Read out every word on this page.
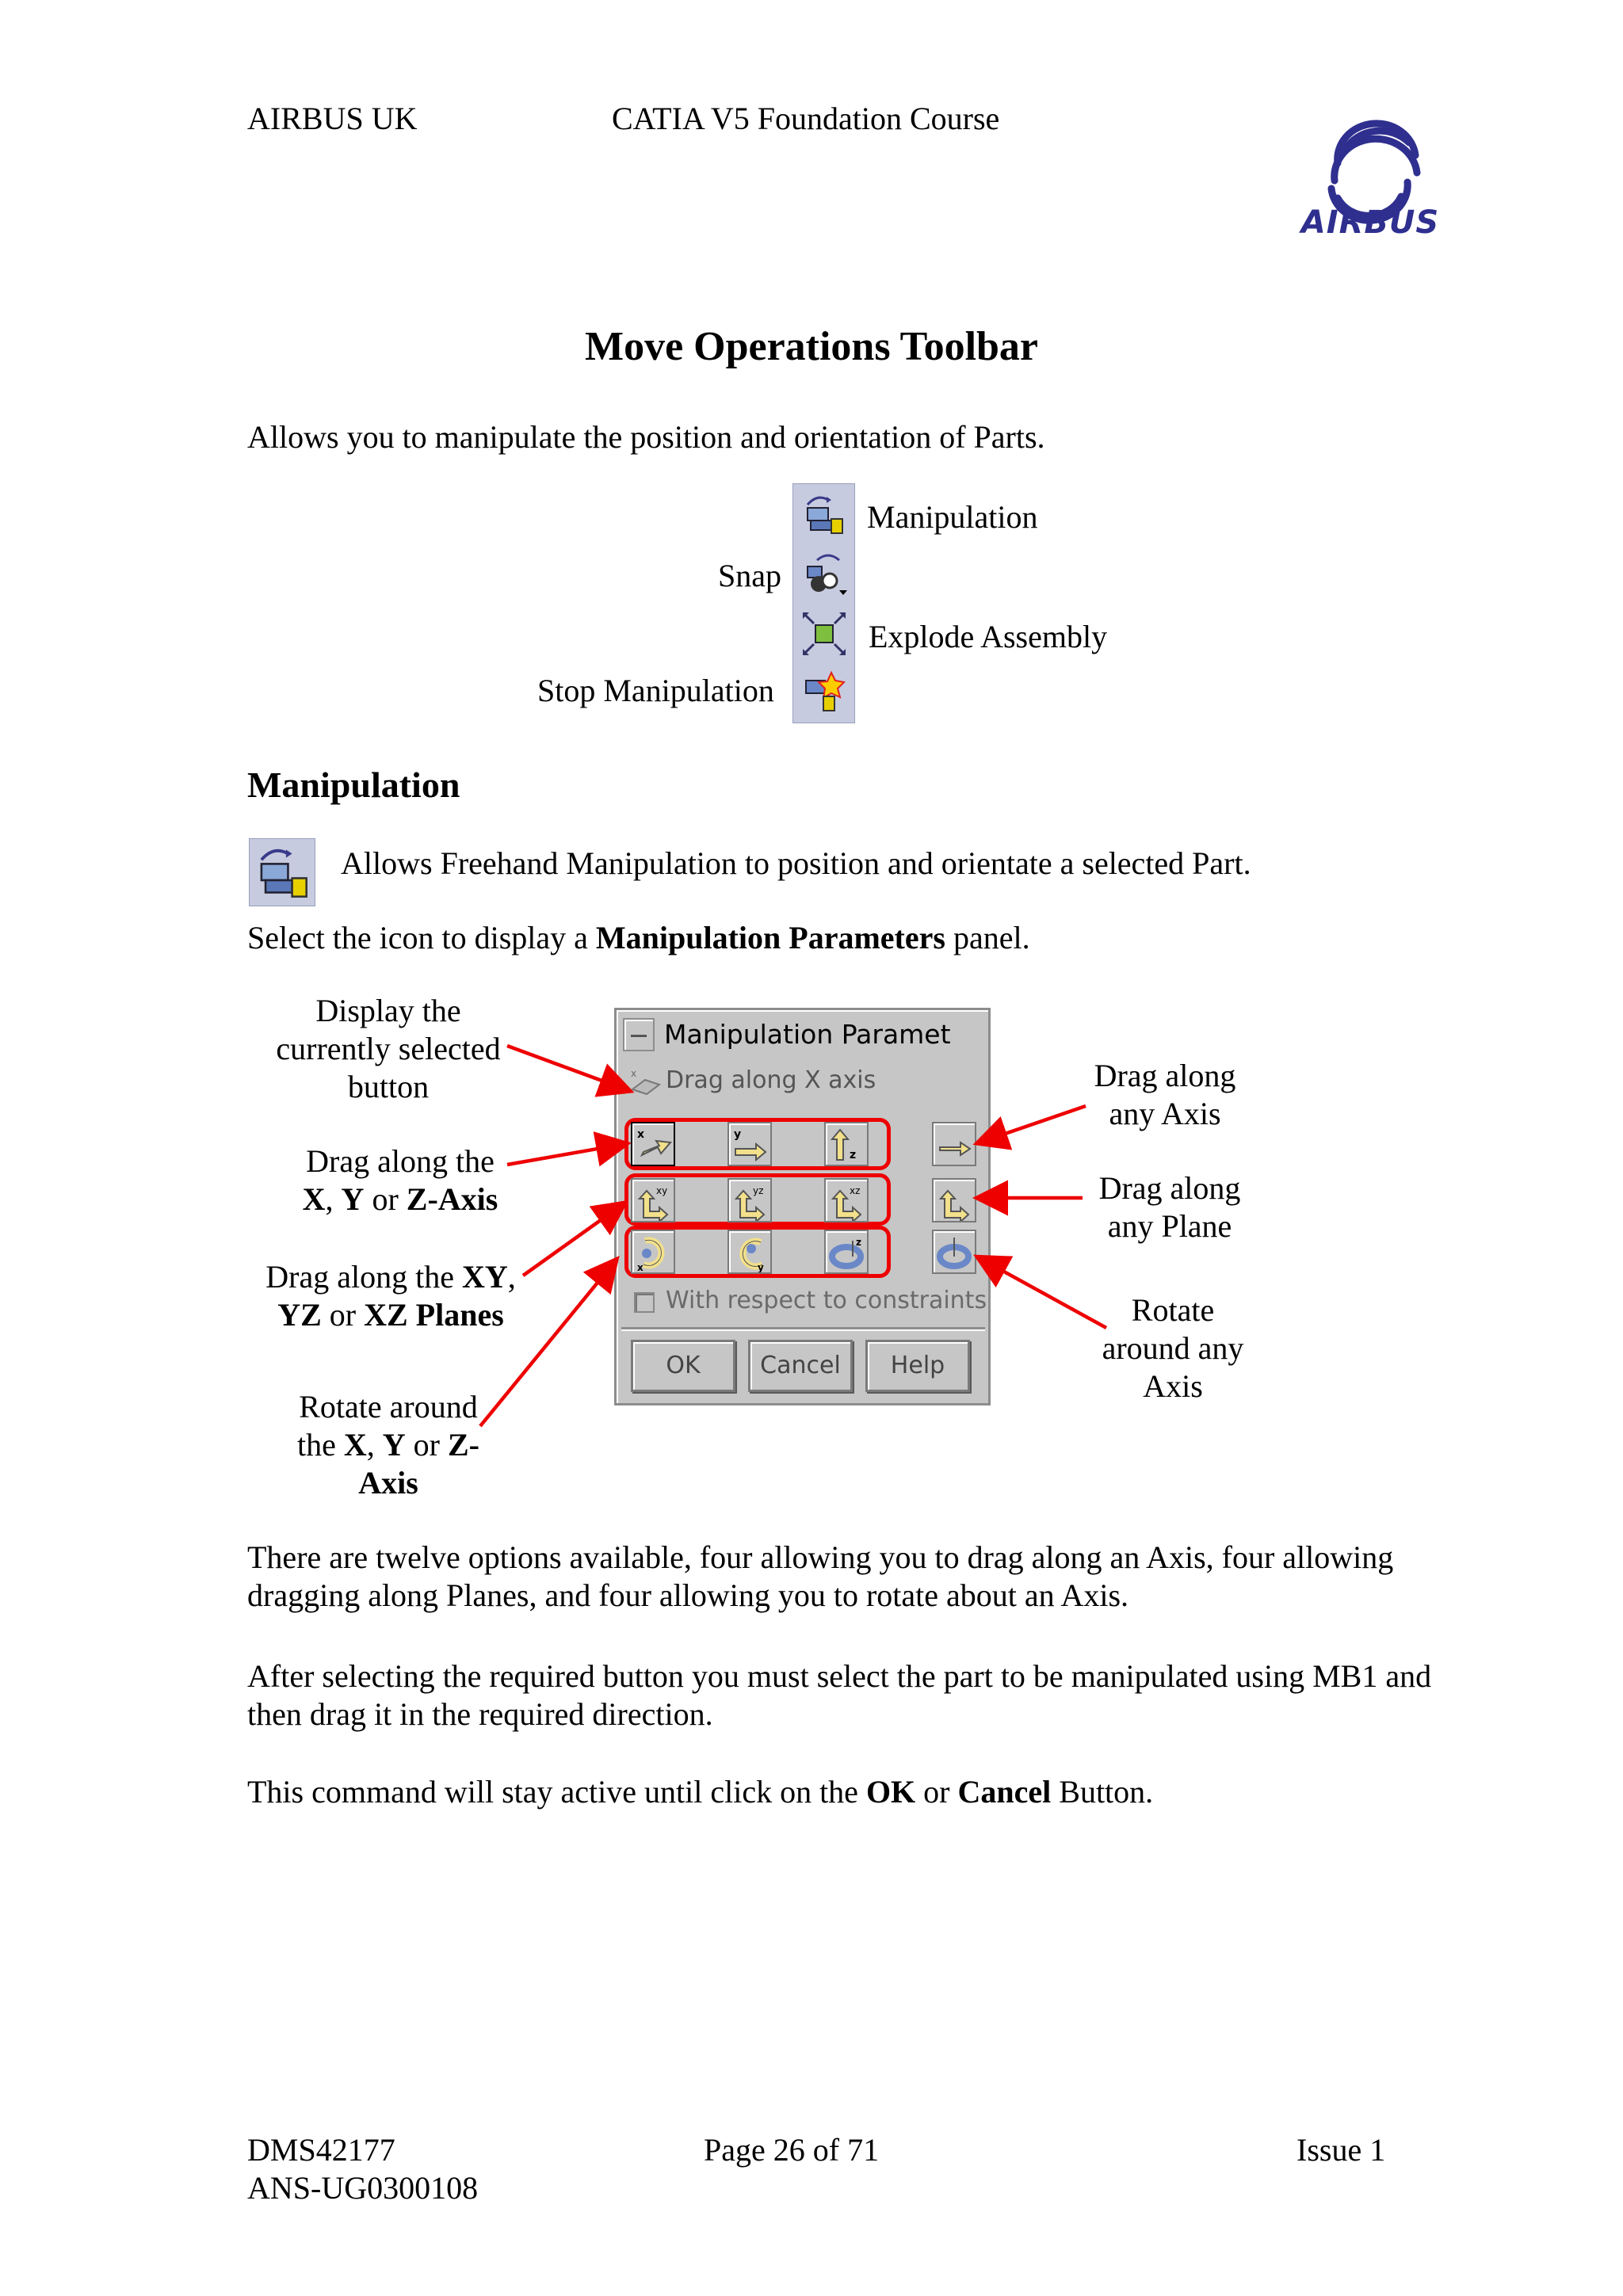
AIRBUS UK	CATIA V5 Foundation Course
AIRBUS
Move Operations Toolbar
Allows you to manipulate the position and orientation of Parts.
Manipulation
Snap
Explode Assembly
Stop Manipulation
Manipulation
Allows Freehand Manipulation to position and orientate a selected Part.
Select the icon to display a Manipulation Parameters panel.
Display the
currently selected
button
Drag along the
X, Y or Z-Axis
Drag along the XY,
YZ or XZ Planes
Rotate around
the X, Y or Z-
Axis
Drag along
any Axis
Drag along
any Plane
Rotate
around any
Axis
Manipulation Paramet
x Drag along X axis
x	y
z
xy	yz	xz
x	y
z
With respect to constraints
OK	Cancel	Help
There are twelve options available, four allowing you to drag along an Axis, four allowing dragging along Planes, and four allowing you to rotate about an Axis.
After selecting the required button you must select the part to be manipulated using MB1 and then drag it in the required direction.
This command will stay active until click on the OK or Cancel Button.
DMS42177
ANS-UG0300108
Page 26 of 71	Issue 1
